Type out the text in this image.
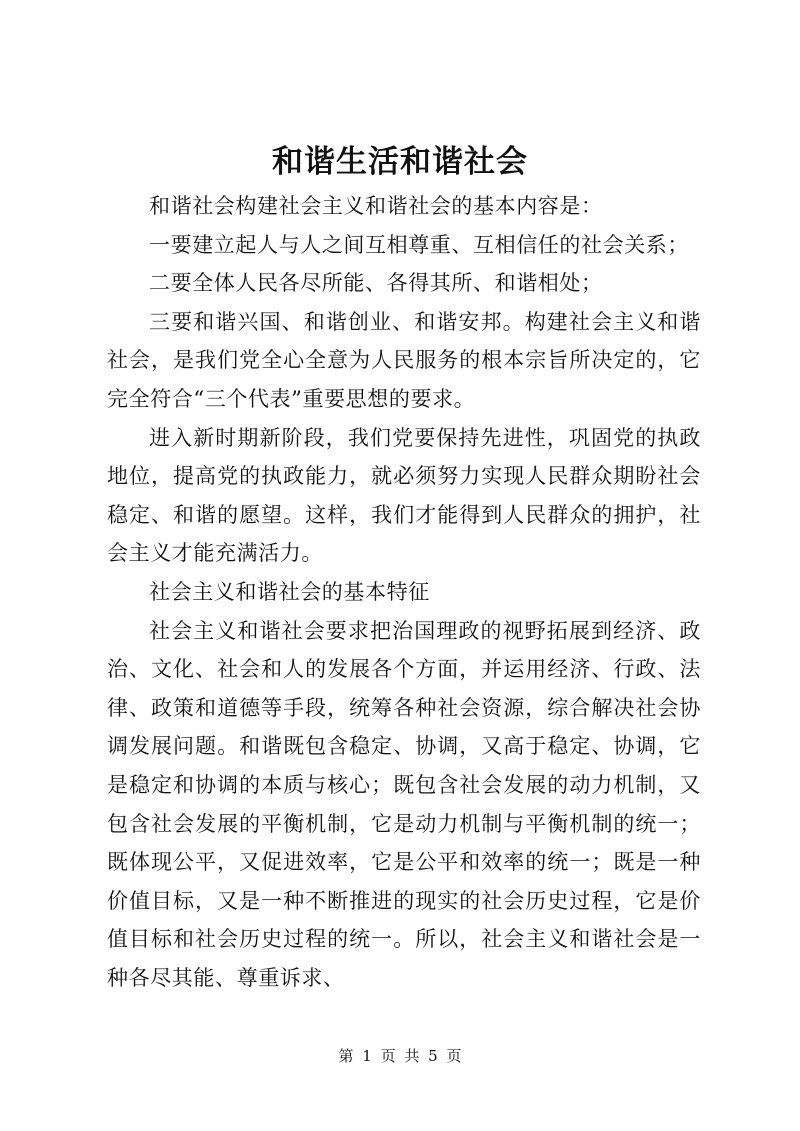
和谐生活和谐社会

和谐社会构建社会主义和谐社会的基本内容是：

一要建立起人与人之间互相尊重、互相信任的社会关系；

二要全体人民各尽所能、各得其所、和谐相处；

三要和谐兴国、和谐创业、和谐安邦。构建社会主义和谐社会，是我们党全心全意为人民服务的根本宗旨所决定的，它完全符合“三个代表”重要思想的要求。

进入新时期新阶段，我们党要保持先进性，巩固党的执政地位，提高党的执政能力，就必须努力实现人民群众期盼社会稳定、和谐的愿望。这样，我们才能得到人民群众的拥护，社会主义才能充满活力。

社会主义和谐社会的基本特征

社会主义和谐社会要求把治国理政的视野拓展到经济、政治、文化、社会和人的发展各个方面，并运用经济、行政、法律、政策和道德等手段，统筹各种社会资源，综合解决社会协调发展问题。和谐既包含稳定、协调，又高于稳定、协调，它是稳定和协调的本质与核心；既包含社会发展的动力机制，又包含社会发展的平衡机制，它是动力机制与平衡机制的统一；既体现公平，又促进效率，它是公平和效率的统一；既是一种价值目标，又是一种不断推进的现实的社会历史过程，它是价值目标和社会历史过程的统一。所以，社会主义和谐社会是一种各尽其能、尊重诉求、

第 1 页 共 5 页
